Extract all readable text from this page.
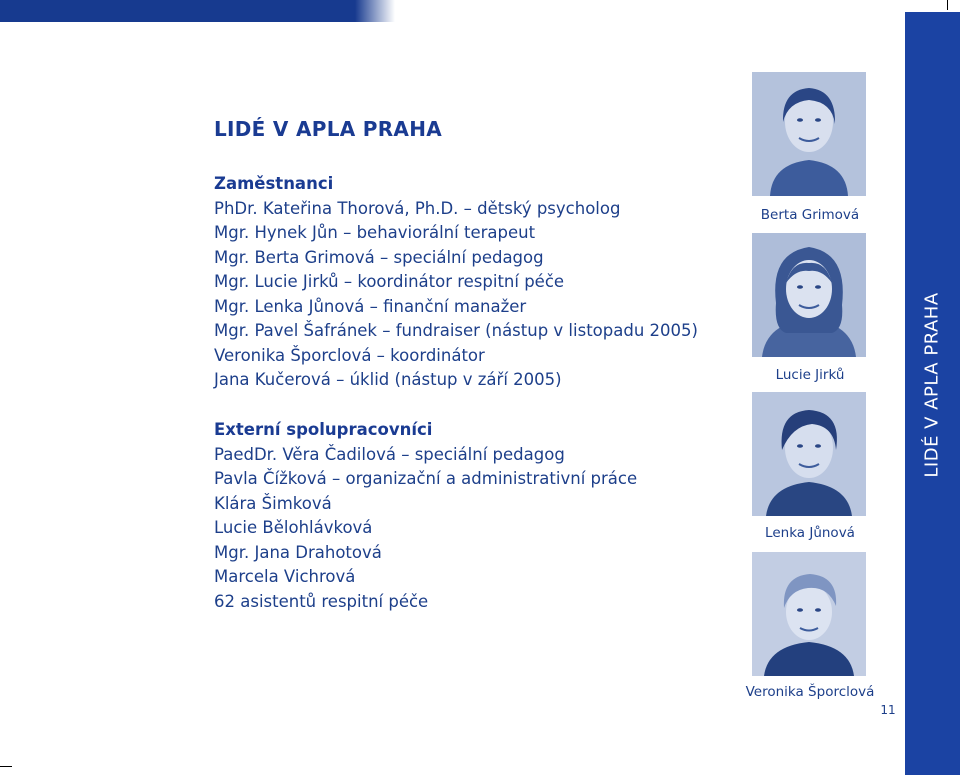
LIDÉ V APLA PRAHA
Zaměstnanci
PhDr. Kateřina Thorová, Ph.D. – dětský psycholog
Mgr. Hynek Jůn – behaviorální terapeut
Mgr. Berta Grimová – speciální pedagog
Mgr. Lucie Jirků – koordinátor respitní péče
Mgr. Lenka Jůnová – finanční manažer
Mgr. Pavel Šafránek – fundraiser (nástup v listopadu 2005)
Veronika Šporclová – koordinátor
Jana Kučerová – úklid (nástup v září 2005)
Externí spolupracovníci
PaedDr. Věra Čadilová – speciální pedagog
Pavla Čížková – organizační a administrativní práce
Klára Šimková
Lucie Bělohlávková
Mgr. Jana Drahotová
Marcela Vichrová
62 asistentů respitní péče
Berta Grimová
Lucie Jirků
Lenka Jůnová
Veronika Šporclová
LIDÉ V APLA PRAHA
11
